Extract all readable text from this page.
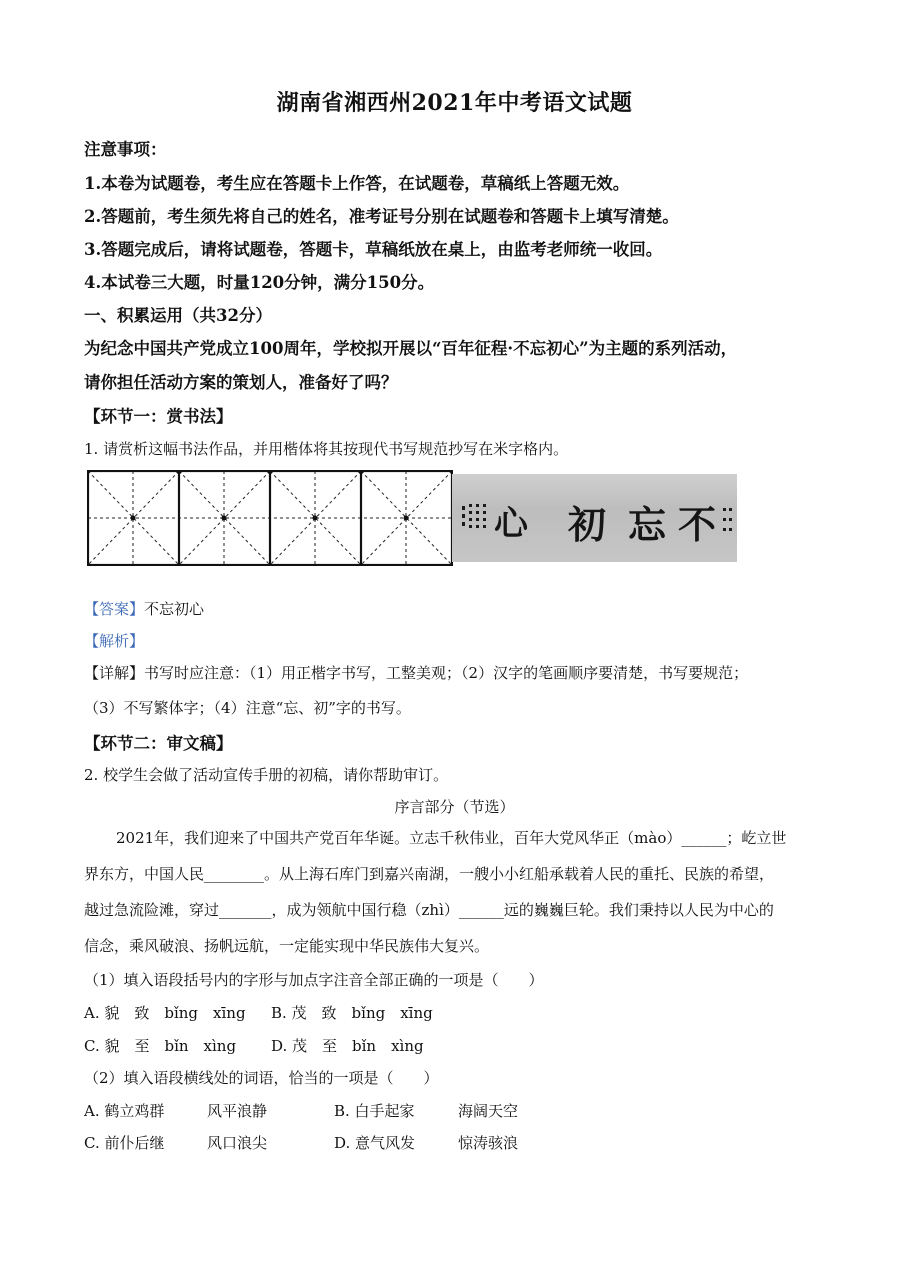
湖南省湘西州2021年中考语文试题
注意事项：
1.本卷为试题卷，考生应在答题卡上作答，在试题卷，草稿纸上答题无效。
2.答题前，考生须先将自己的姓名，准考证号分别在试题卷和答题卡上填写清楚。
3.答题完成后，请将试题卷，答题卡，草稿纸放在桌上，由监考老师统一收回。
4.本试卷三大题，时量120分钟，满分150分。
一、积累运用（共32分）
为纪念中国共产党成立100周年，学校拟开展以“百年征程·不忘初心”为主题的系列活动，
请你担任活动方案的策划人，准备好了吗？
【环节一：赏书法】
1. 请赏析这幅书法作品，并用楷体将其按现代书写规范抄写在米字格内。
心 初 忘 不
【答案】不忘初心
【解析】
【详解】书写时应注意：（1）用正楷字书写，工整美观；（2）汉字的笔画顺序要清楚，书写要规范；
（3）不写繁体字；（4）注意“忘、初”字的书写。
【环节二：审文稿】
2. 校学生会做了活动宣传手册的初稿，请你帮助审订。
序言部分（节选）
2021年，我们迎来了中国共产党百年华诞。立志千秋伟业，百年大党风华正（mào）______；屹立世
界东方，中国人民________。从上海石库门到嘉兴南湖，一艘小小红船承载着人民的重托、民族的希望，
越过急流险滩，穿过_______，成为领航中国行稳（zhì）______远的巍巍巨轮。我们秉持以人民为中心的
信念，乘风破浪、扬帆远航，一定能实现中华民族伟大复兴。
（1）填入语段括号内的字形与加点字注音全部正确的一项是（　　）
A. 貌　致　bǐng　xīng B. 茂　致　bǐng　xīng
C. 貌　至　bǐn　xìng D. 茂　至　bǐn　xìng
（2）填入语段横线处的词语，恰当的一项是（　　）
A. 鹤立鸡群	风平浪静	B. 白手起家	海阔天空
C. 前仆后继	风口浪尖	D. 意气风发	惊涛骇浪
